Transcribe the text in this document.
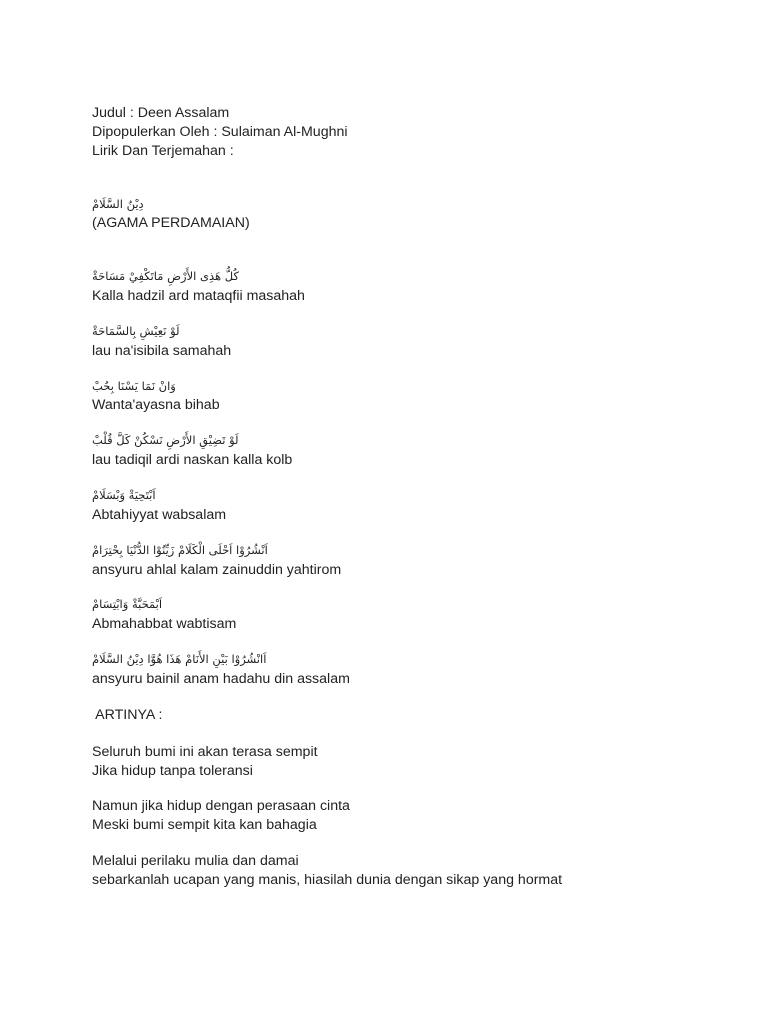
Judul : Deen Assalam
Dipopulerkan Oleh : Sulaiman Al-Mughni
Lirik Dan Terjemahan :
دِيْنُ السَّلَامْ
(AGAMA PERDAMAIAN)
كُلُّ هَذِى الأَرْضِ مَاتَكْفِيْ مَسَاحَةْ
Kalla hadzil ard mataqfii masahah
لَوْ نَعِيْشِ بِالسَّمَاحَةْ
lau na'isibila samahah
وَانْ نَمَا يَسْنَا بِحُبْ
Wanta'ayasna bihab
لَوْ تَضِيْقِ الأَرْضِ نَسْكُنْ كَلَّ قُلْبْ
lau tadiqil ardi naskan kalla kolb
اَبْتَحِيَةْ وَبْسَلَامْ
Abtahiyyat wabsalam
اَنْشُرُوْا اَحْلَى الْكَلَامْ زَيِّنُوْا الدُّنْيَا بِحْتِرَامْ
ansyuru ahlal kalam zainuddin yahtirom
اَبْمَحَبَّةْ وَابْتِسَامْ
Abmahabbat wabtisam
اَانْشُرُوْا بَيْنِ الأَنَامْ هَذَا هُوَّا دِيْنُ السَّلَامْ
ansyuru bainil anam hadahu din assalam
ARTINYA :
Seluruh bumi ini akan terasa sempit
Jika hidup tanpa toleransi
Namun jika hidup dengan perasaan cinta
Meski bumi sempit kita kan bahagia
Melalui perilaku mulia dan damai
sebarkanlah ucapan yang manis, hiasilah dunia dengan sikap yang hormat
